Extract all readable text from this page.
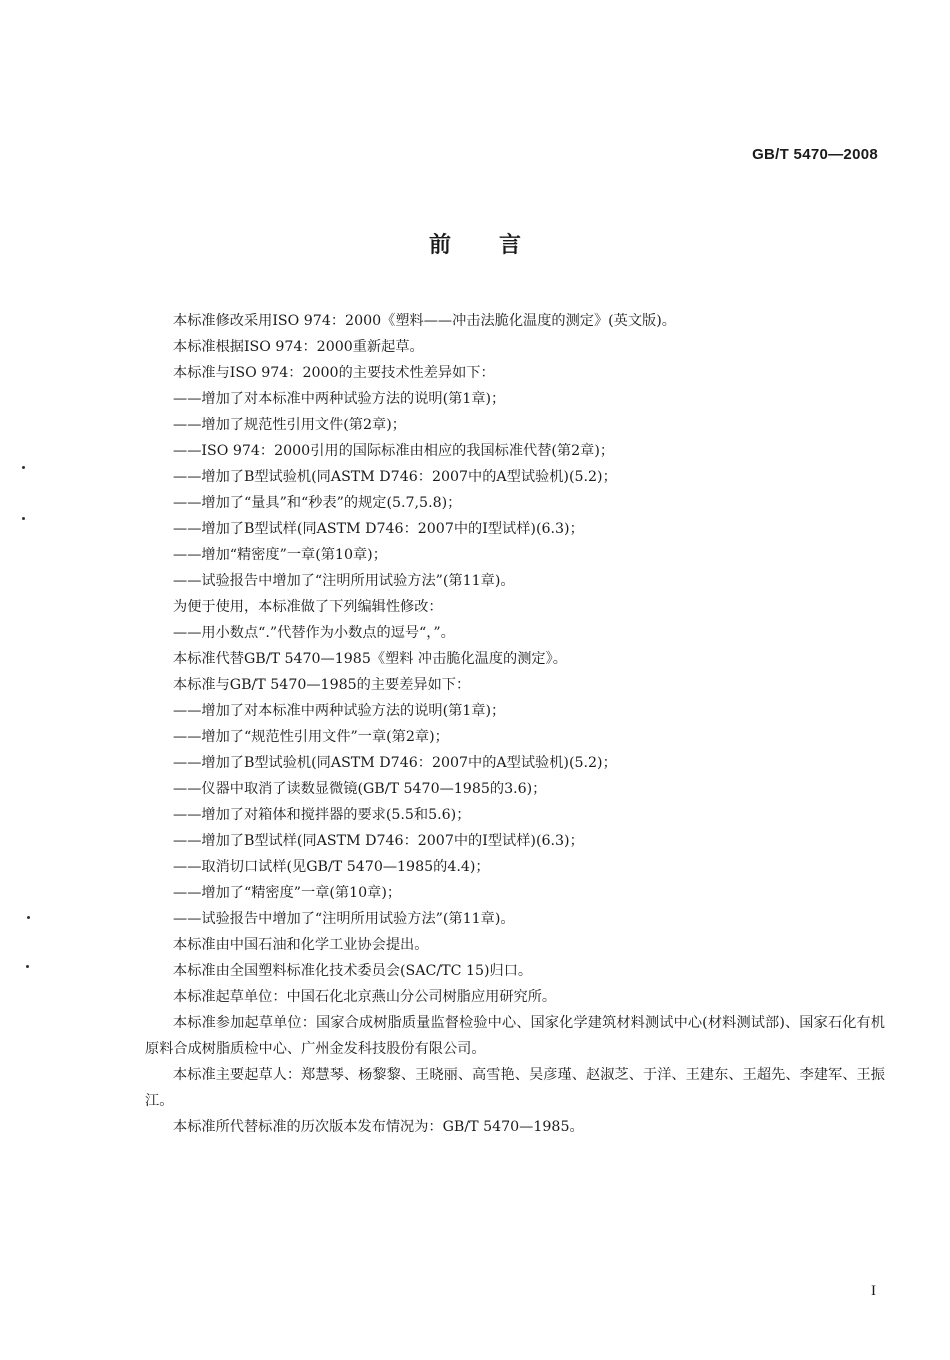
GB/T 5470—2008
前言
本标准修改采用ISO 974：2000《塑料——冲击法脆化温度的测定》(英文版)。
本标准根据ISO 974：2000重新起草。
本标准与ISO 974：2000的主要技术性差异如下：
——增加了对本标准中两种试验方法的说明(第1章)；
——增加了规范性引用文件(第2章)；
——ISO 974：2000引用的国际标准由相应的我国标准代替(第2章)；
——增加了B型试验机(同ASTM D746：2007中的A型试验机)(5.2)；
——增加了“量具”和“秒表”的规定(5.7,5.8)；
——增加了B型试样(同ASTM D746：2007中的Ⅰ型试样)(6.3)；
——增加“精密度”一章(第10章)；
——试验报告中增加了“注明所用试验方法”(第11章)。
为便于使用，本标准做了下列编辑性修改：
——用小数点“.”代替作为小数点的逗号“，”。
本标准代替GB/T 5470—1985《塑料 冲击脆化温度的测定》。
本标准与GB/T 5470—1985的主要差异如下：
——增加了对本标准中两种试验方法的说明(第1章)；
——增加了“规范性引用文件”一章(第2章)；
——增加了B型试验机(同ASTM D746：2007中的A型试验机)(5.2)；
——仪器中取消了读数显微镜(GB/T 5470—1985的3.6)；
——增加了对箱体和搅拌器的要求(5.5和5.6)；
——增加了B型试样(同ASTM D746：2007中的Ⅰ型试样)(6.3)；
——取消切口试样(见GB/T 5470—1985的4.4)；
——增加了“精密度”一章(第10章)；
——试验报告中增加了“注明所用试验方法”(第11章)。
本标准由中国石油和化学工业协会提出。
本标准由全国塑料标准化技术委员会(SAC/TC 15)归口。
本标准起草单位：中国石化北京燕山分公司树脂应用研究所。
本标准参加起草单位：国家合成树脂质量监督检验中心、国家化学建筑材料测试中心(材料测试部)、国家石化有机原料合成树脂质检中心、广州金发科技股份有限公司。
本标准主要起草人：郑慧琴、杨黎黎、王晓丽、高雪艳、吴彦瑾、赵淑芝、于洋、王建东、王超先、李建军、王振江。
本标准所代替标准的历次版本发布情况为：GB/T 5470—1985。
I
